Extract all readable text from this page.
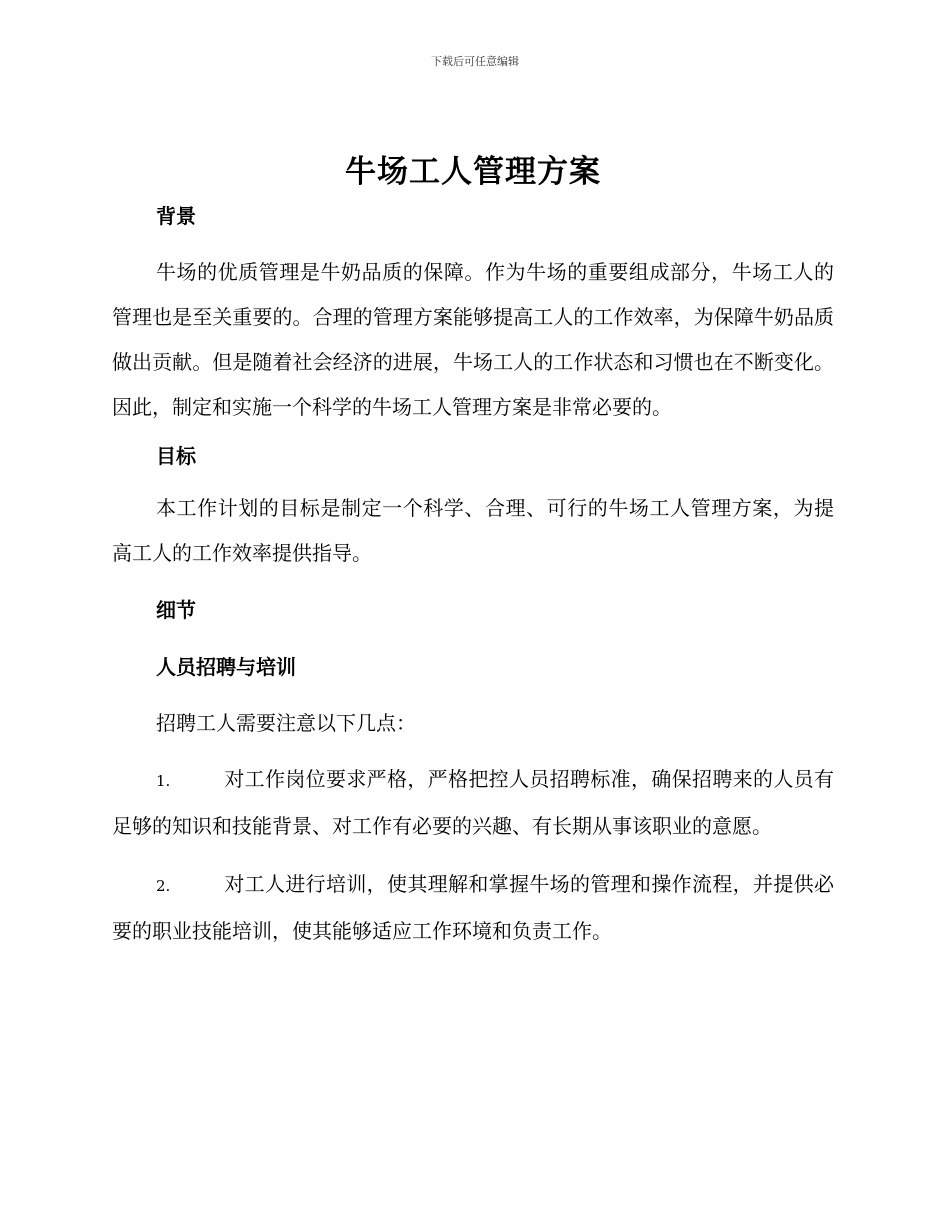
下载后可任意编辑
牛场工人管理方案
背景

牛场的优质管理是牛奶品质的保障。作为牛场的重要组成部分，牛场工人的管理也是至关重要的。合理的管理方案能够提高工人的工作效率，为保障牛奶品质做出贡献。但是随着社会经济的进展，牛场工人的工作状态和习惯也在不断变化。因此，制定和实施一个科学的牛场工人管理方案是非常必要的。

目标

本工作计划的目标是制定一个科学、合理、可行的牛场工人管理方案，为提高工人的工作效率提供指导。

细节
人员招聘与培训

招聘工人需要注意以下几点：

1.	对工作岗位要求严格，严格把控人员招聘标准，确保招聘来的人员有足够的知识和技能背景、对工作有必要的兴趣、有长期从事该职业的意愿。

2.	对工人进行培训，使其理解和掌握牛场的管理和操作流程，并提供必要的职业技能培训，使其能够适应工作环境和负责工作。
